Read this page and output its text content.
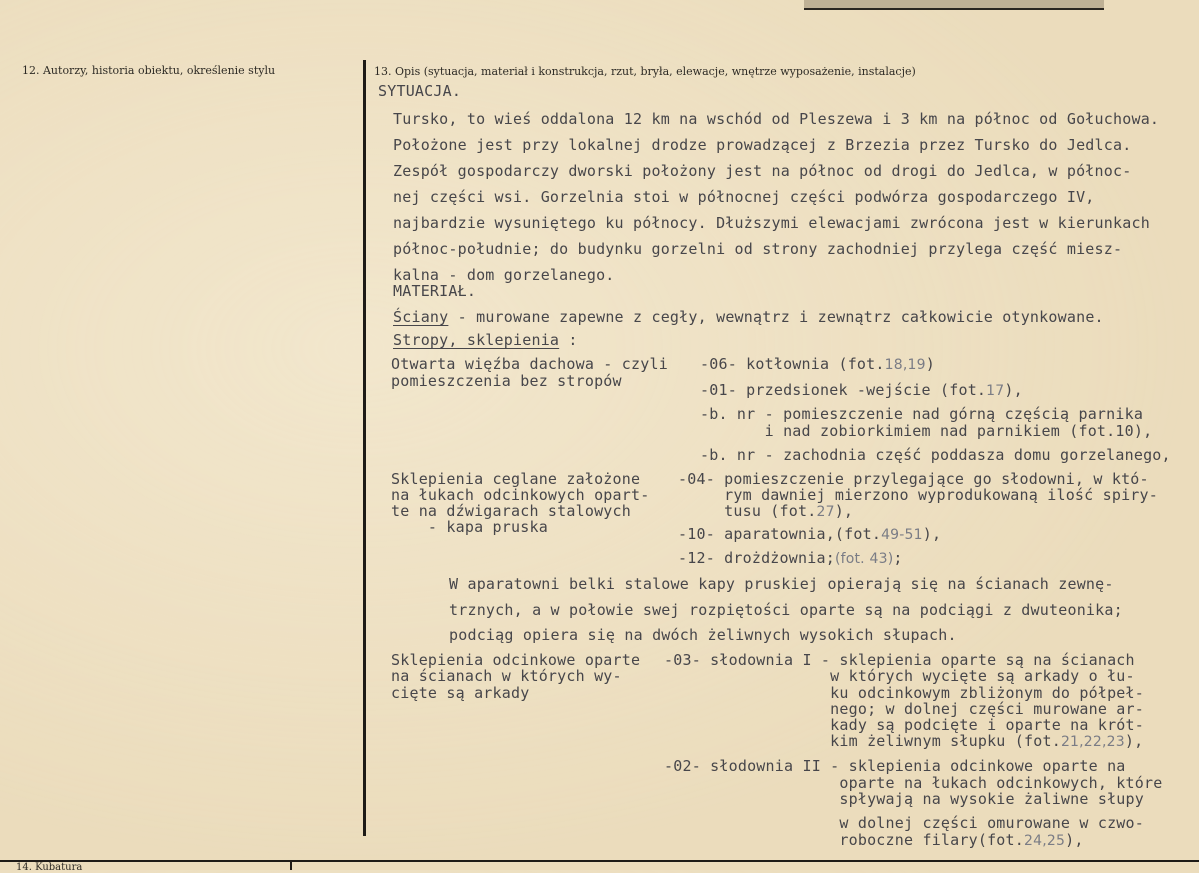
12. Autorzy, historia obiektu, określenie stylu	13. Opis (sytuacja, materiał i konstrukcja, rzut, bryła, elewacje, wnętrze wyposażenie, instalacje)
SYTUACJA.
Tursko, to wieś oddalona 12 km na wschód od Pleszewa i 3 km na północ od Gołuchowa.
Położone jest przy lokalnej drodze prowadzącej z Brzezia przez Tursko do Jedlca.
Zespół gospodarczy dworski położony jest na północ od drogi do Jedlca, w północ-
nej części wsi. Gorzelnia stoi w północnej części podwórza gospodarczego IV,
najbardzie wysuniętego ku północy. Dłuższymi elewacjami zwrócona jest w kierunkach
północ-południe; do budynku gorzelni od strony zachodniej przylega część miesz-
kalna - dom gorzelanego.
MATERIAŁ.
Ściany - murowane zapewne z cegły, wewnątrz i zewnątrz całkowicie otynkowane.
Stropy, sklepienia :
Otwarta więźba dachowa - czyli
pomieszczenia bez stropów
-06- kotłownia (fot.18,19)
-01- przedsionek -wejście (fot.17),
-b. nr - pomieszczenie nad górną częścią parnika
i nad zobiorkimiem nad parnikiem (fot.10),
-b. nr - zachodnia część poddasza domu gorzelanego,
Sklepienia ceglane założone
na łukach odcinkowych opart-
te na dźwigarach stalowych
- kapa pruska
-04- pomieszczenie przylegające go słodowni, w któ-
rym dawniej mierzono wyprodukowaną ilość spiry-
tusu (fot.27),
-10- aparatownia,(fot.49-51),
-12- drożdżownia;(fot. 43);
W aparatowni belki stalowe kapy pruskiej opierają się na ścianach zewnę-
trznych, a w połowie swej rozpiętości oparte są na podciągi z dwuteonika;
podciąg opiera się na dwóch żeliwnych wysokich słupach.
Sklepienia odcinkowe oparte
na ścianach w których wy-
cięte są arkady
-03- słodownia I - sklepienia oparte są na ścianach
w których wycięte są arkady o łu-
ku odcinkowym zbliżonym do półpeł-
nego; w dolnej części murowane ar-
kady są podcięte i oparte na krót-
kim żeliwnym słupku (fot.21,22,23),
-02- słodownia II - sklepienia odcinkowe oparte na
oparte na łukach odcinkowych, które
spływają na wysokie żaliwne słupy
w dolnej części omurowane w czwo-
roboczne filary(fot.24,25),
14. Kubatura
